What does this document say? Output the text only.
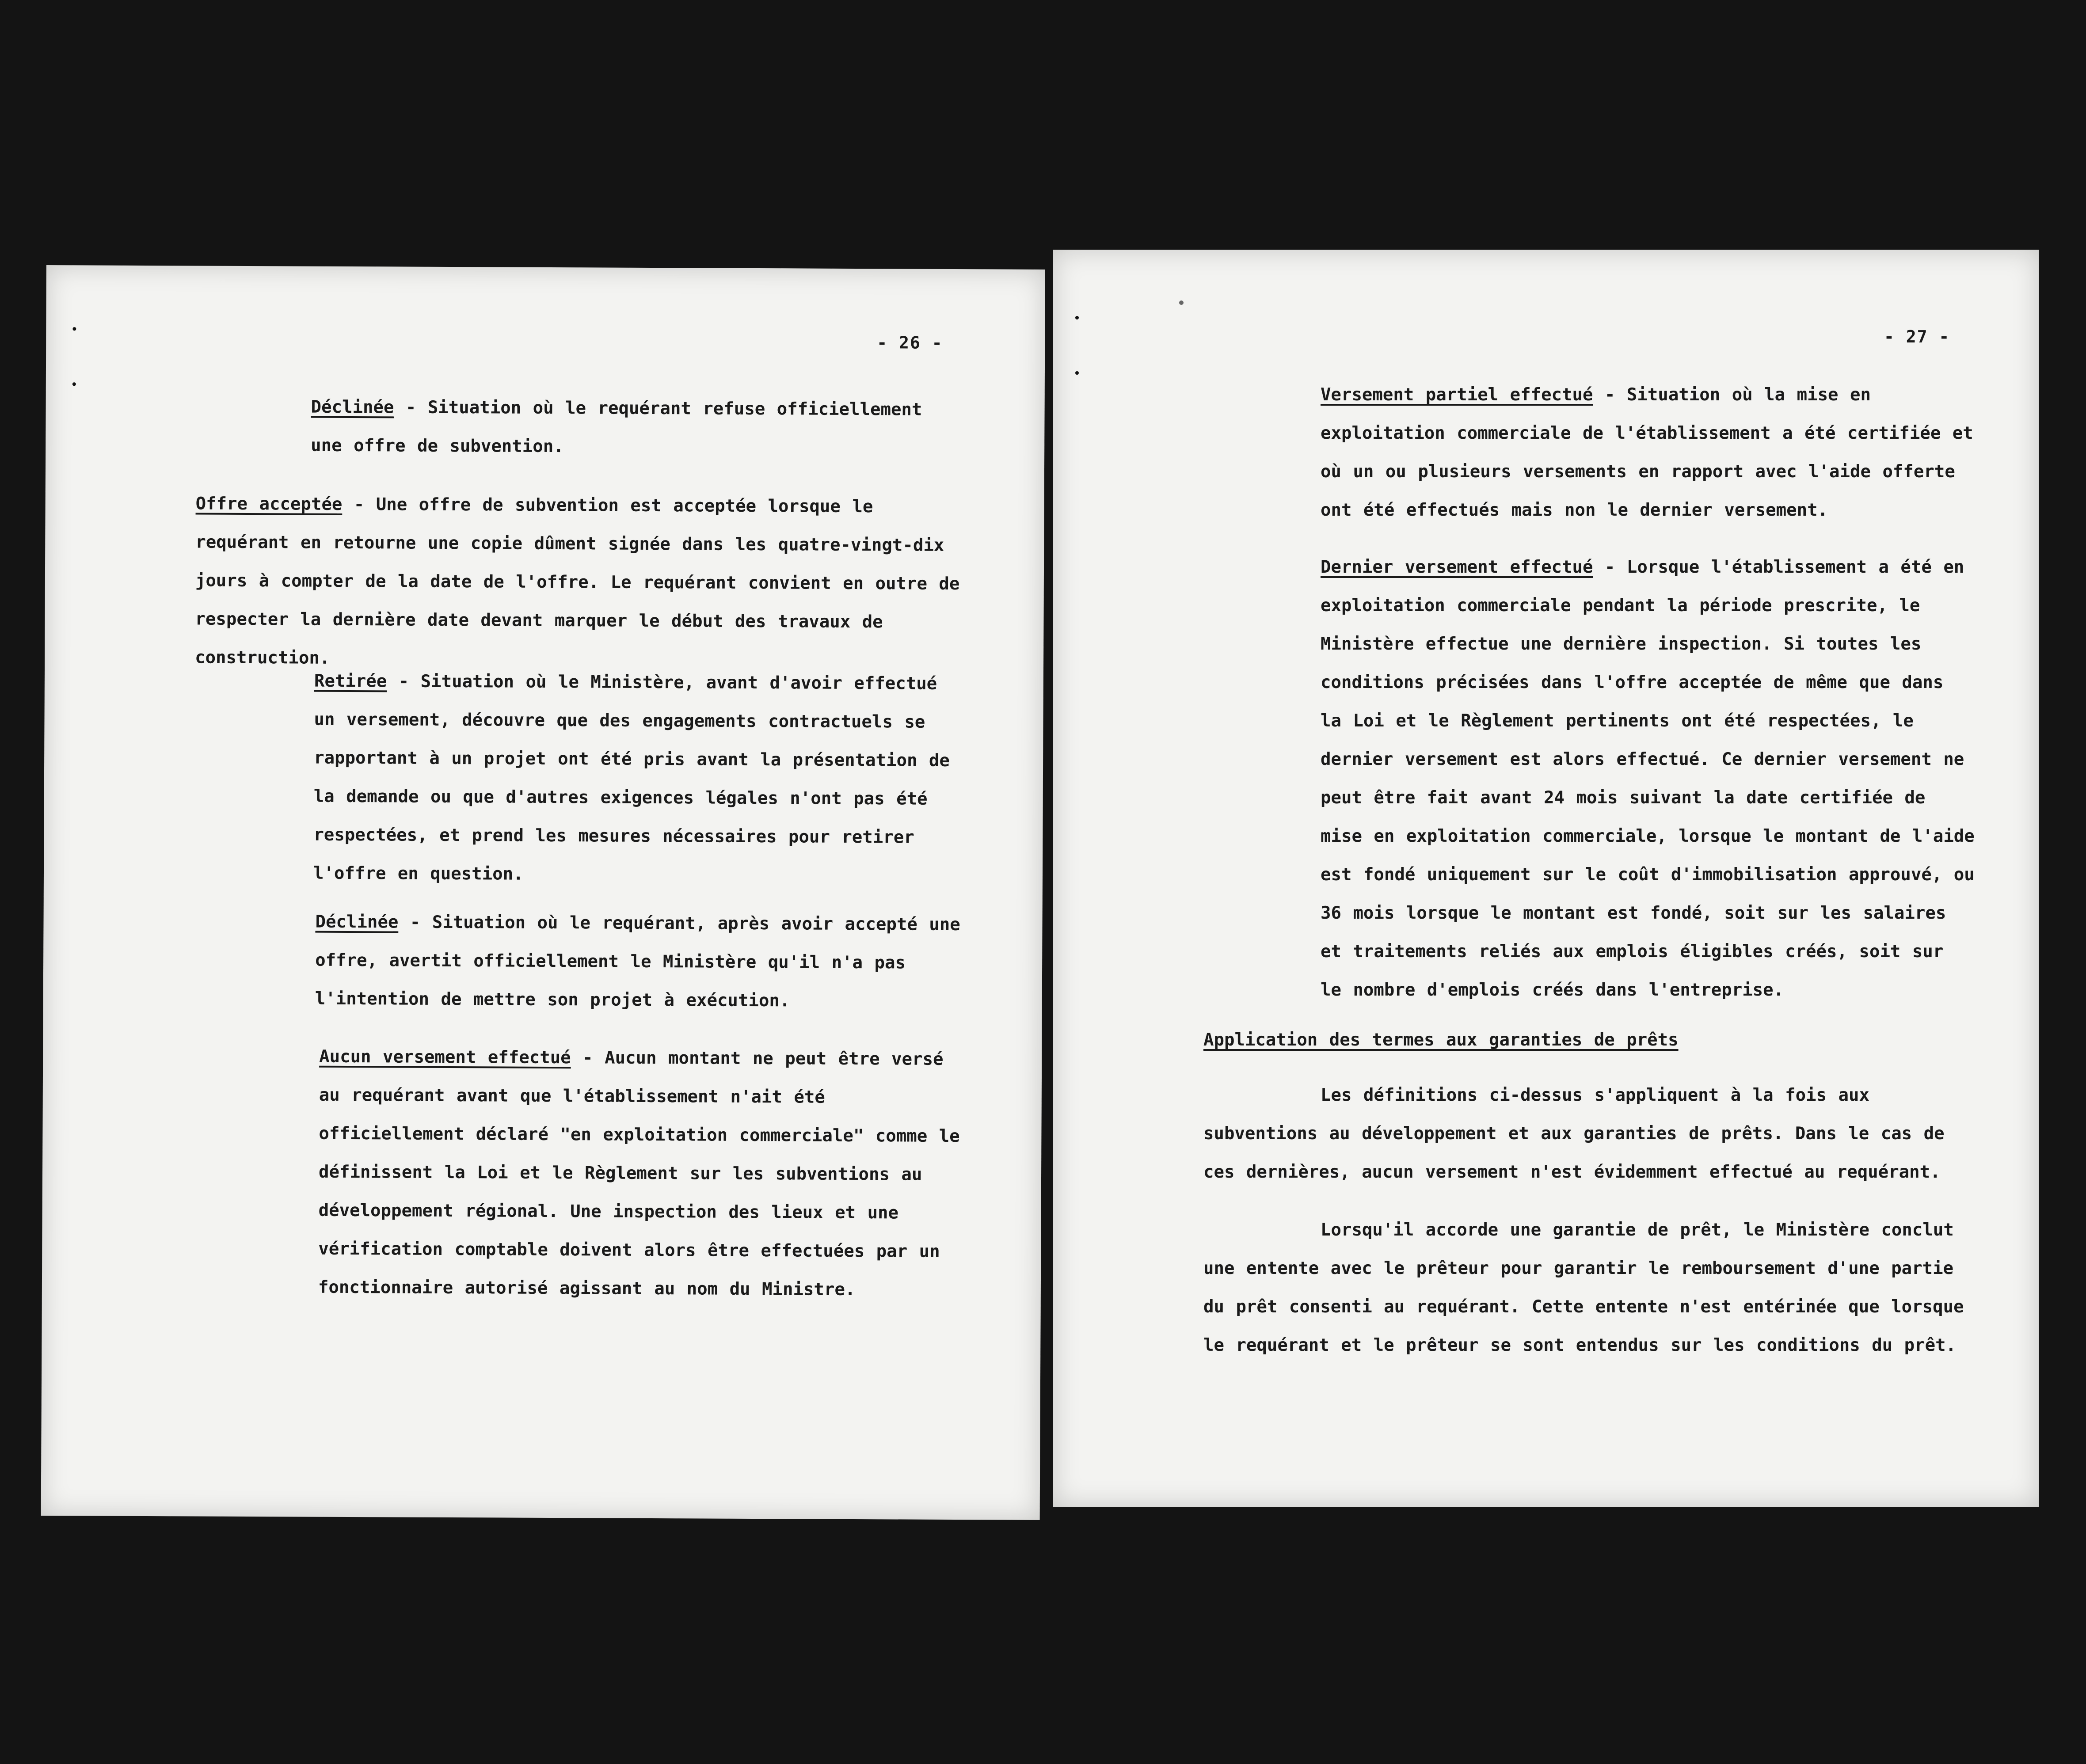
- 26 -
Déclinée - Situation où le requérant refuse officiellement une offre de subvention.
Offre acceptée - Une offre de subvention est acceptée lorsque le requérant en retourne une copie dûment signée dans les quatre-vingt-dix jours à compter de la date de l'offre. Le requérant convient en outre de respecter la dernière date devant marquer le début des travaux de construction.
Retirée - Situation où le Ministère, avant d'avoir effectué un versement, découvre que des engagements contractuels se rapportant à un projet ont été pris avant la présentation de la demande ou que d'autres exigences légales n'ont pas été respectées, et prend les mesures nécessaires pour retirer l'offre en question.
Déclinée - Situation où le requérant, après avoir accepté une offre, avertit officiellement le Ministère qu'il n'a pas l'intention de mettre son projet à exécution.
Aucun versement effectué - Aucun montant ne peut être versé au requérant avant que l'établissement n'ait été officiellement déclaré "en exploitation commerciale" comme le définissent la Loi et le Règlement sur les subventions au développement régional. Une inspection des lieux et une vérification comptable doivent alors être effectuées par un fonctionnaire autorisé agissant au nom du Ministre.
- 27 -
Versement partiel effectué - Situation où la mise en exploitation commerciale de l'établissement a été certifiée et où un ou plusieurs versements en rapport avec l'aide offerte ont été effectués mais non le dernier versement.
Dernier versement effectué - Lorsque l'établissement a été en exploitation commerciale pendant la période prescrite, le Ministère effectue une dernière inspection. Si toutes les conditions précisées dans l'offre acceptée de même que dans la Loi et le Règlement pertinents ont été respectées, le dernier versement est alors effectué. Ce dernier versement ne peut être fait avant 24 mois suivant la date certifiée de mise en exploitation commerciale, lorsque le montant de l'aide est fondé uniquement sur le coût d'immobilisation approuvé, ou 36 mois lorsque le montant est fondé, soit sur les salaires et traitements reliés aux emplois éligibles créés, soit sur le nombre d'emplois créés dans l'entreprise.
Application des termes aux garanties de prêts
Les définitions ci-dessus s'appliquent à la fois aux subventions au développement et aux garanties de prêts. Dans le cas de ces dernières, aucun versement n'est évidemment effectué au requérant.
Lorsqu'il accorde une garantie de prêt, le Ministère conclut une entente avec le prêteur pour garantir le remboursement d'une partie du prêt consenti au requérant. Cette entente n'est entérinée que lorsque le requérant et le prêteur se sont entendus sur les conditions du prêt.
